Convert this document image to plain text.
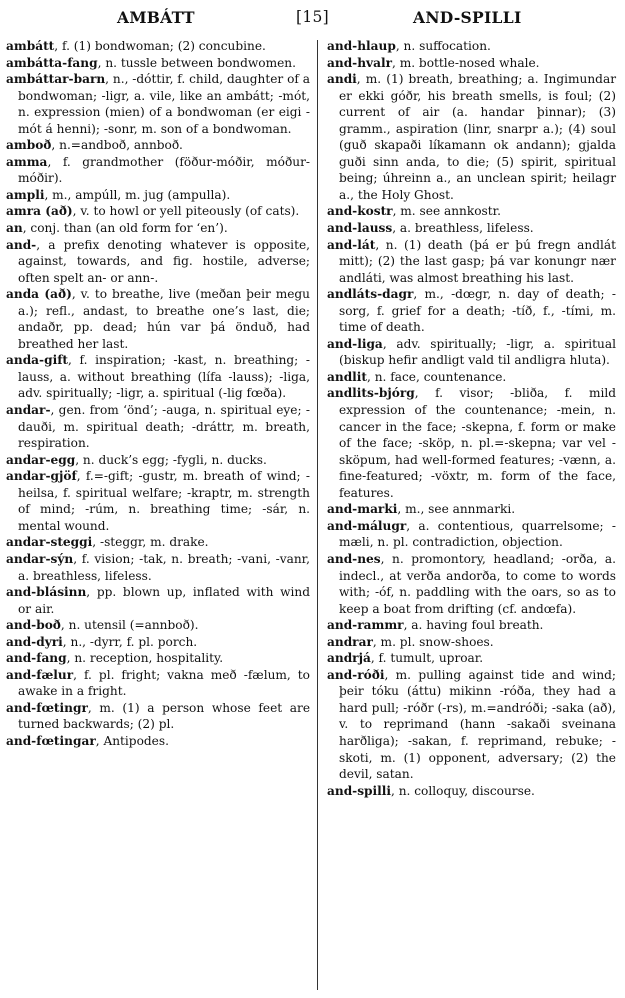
AMBÁTT	[15]	AND-SPILLI

ambátt, f. (1) bondwoman; (2) concubine.

ambátta-fang, n. tussle between bondwomen.

ambáttar-barn, n., -dóttir, f. child, daughter of a bondwoman; -ligr, a. vile, like an ambátt; -mót, n. expression (mien) of a bondwoman (er eigi -mót á henni); -sonr, m. son of a bondwoman.

amboð, n.=andboð, annboð.

amma, f. grandmother (föður-móðir, móður-móðir).

ampli, m., ampúll, m. jug (ampulla).

amra (að), v. to howl or yell piteously (of cats).

an, conj. than (an old form for ‘en’).

and-, a prefix denoting whatever is opposite, against, towards, and fig. hostile, adverse; often spelt an- or ann-.

anda (að), v. to breathe, live (meðan þeir megu a.); refl., andast, to breathe one’s last, die; andaðr, pp. dead; hún var þá önduð, had breathed her last.

anda-gift, f. inspiration; -kast, n. breathing; -lauss, a. without breathing (lífa -lauss); -liga, adv. spiritually; -ligr, a. spiritual (-lig fœða).

andar-, gen. from ‘önd’; -auga, n. spiritual eye; -dauði, m. spiritual death; -dráttr, m. breath, respiration.

andar-egg, n. duck’s egg; -fygli, n. ducks.

andar-gjöf, f.=-gift; -gustr, m. breath of wind; -heilsa, f. spiritual welfare; -kraptr, m. strength of mind; -rúm, n. breathing time; -sár, n. mental wound.

andar-steggi, -steggr, m. drake.

andar-sýn, f. vision; -tak, n. breath; -vani, -vanr, a. breathless, lifeless.

and-blásinn, pp. blown up, inflated with wind or air.

and-boð, n. utensil (=annboð).

and-dyri, n., -dyrr, f. pl. porch.

and-fang, n. reception, hospitality.

and-fælur, f. pl. fright; vakna með -fælum, to awake in a fright.

and-fœtingr, m. (1) a person whose feet are turned backwards; (2) pl.

and-fœtingar, Antipodes.

and-hlaup, n. suffocation.

and-hvalr, m. bottle-nosed whale.

andi, m. (1) breath, breathing; a. Ingimundar er ekki góðr, his breath smells, is foul; (2) current of air (a. handar þinnar); (3) gramm., aspiration (linr, snarpr a.); (4) soul (guð skapaði líkamann ok andann); gjalda guði sinn anda, to die; (5) spirit, spiritual being; úhreinn a., an unclean spirit; heilagr a., the Holy Ghost.

and-kostr, m. see annkostr.

and-lauss, a. breathless, lifeless.

and-lát, n. (1) death (þá er þú fregn andlát mitt); (2) the last gasp; þá var konungr nær andláti, was almost breathing his last.

andláts-dagr, m., -dœgr, n. day of death; -sorg, f. grief for a death; -tíð, f., -tími, m. time of death.

and-liga, adv. spiritually; -ligr, a. spiritual (biskup hefir andligt vald til andligra hluta).

andlit, n. face, countenance.

andlits-bjórg, f. visor; -bliða, f. mild expression of the countenance; -mein, n. cancer in the face; -skepna, f. form or make of the face; -sköp, n. pl.=-skepna; var vel -sköpum, had well-formed features; -vænn, a. fine-featured; -vöxtr, m. form of the face, features.

and-marki, m., see annmarki.

and-málugr, a. contentious, quarrelsome; -mæli, n. pl. contradiction, objection.

and-nes, n. promontory, headland; -orða, a. indecl., at verða andorða, to come to words with; -óf, n. paddling with the oars, so as to keep a boat from drifting (cf. andœfa).

and-rammr, a. having foul breath.

andrar, m. pl. snow-shoes.

andrjá, f. tumult, uproar.

and-róði, m. pulling against tide and wind; þeir tóku (áttu) mikinn -róða, they had a hard pull; -róðr (-rs), m.=andróði; -saka (að), v. to reprimand (hann -sakaði sveinana harðliga); -sakan, f. reprimand, rebuke; -skoti, m. (1) opponent, adversary; (2) the devil, satan.

and-spilli, n. colloquy, discourse.
